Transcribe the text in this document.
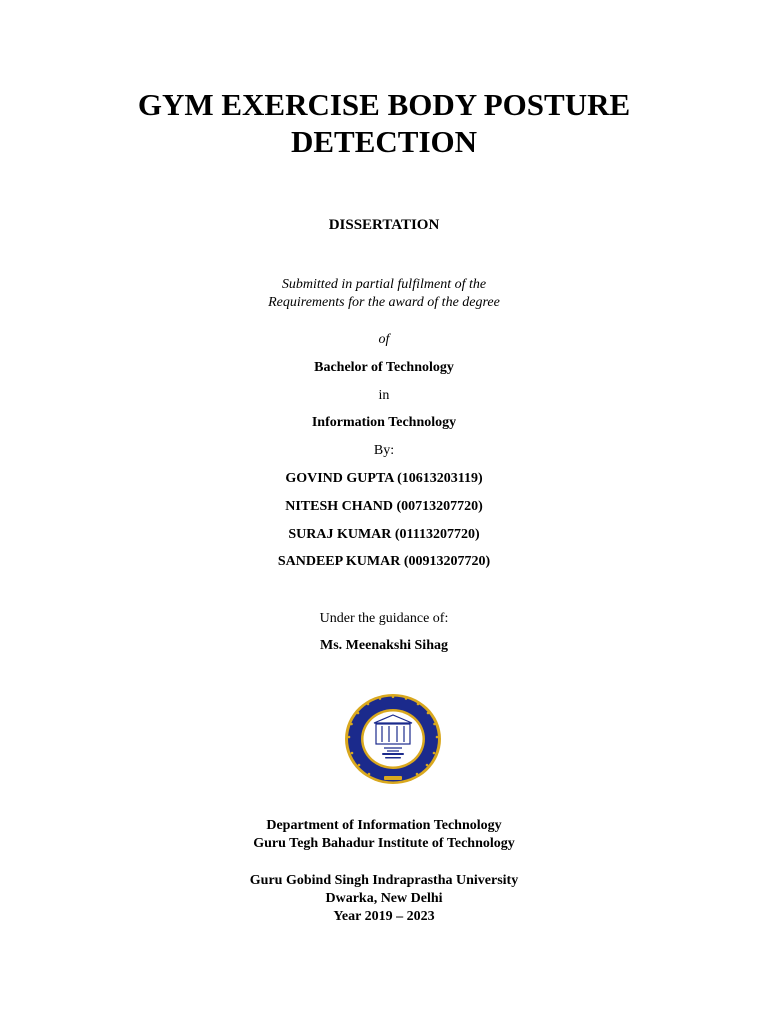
GYM EXERCISE BODY POSTURE
DETECTION
DISSERTATION
Submitted in partial fulfilment of the
Requirements for the award of the degree
of
Bachelor of Technology
in
Information Technology
By:
GOVIND GUPTA (10613203119)
NITESH CHAND (00713207720)
SURAJ KUMAR (01113207720)
SANDEEP KUMAR (00913207720)
Under the guidance of:
Ms. Meenakshi Sihag
Department of Information Technology
Guru Tegh Bahadur Institute of Technology
Guru Gobind Singh Indraprastha University
Dwarka, New Delhi
Year 2019 – 2023
